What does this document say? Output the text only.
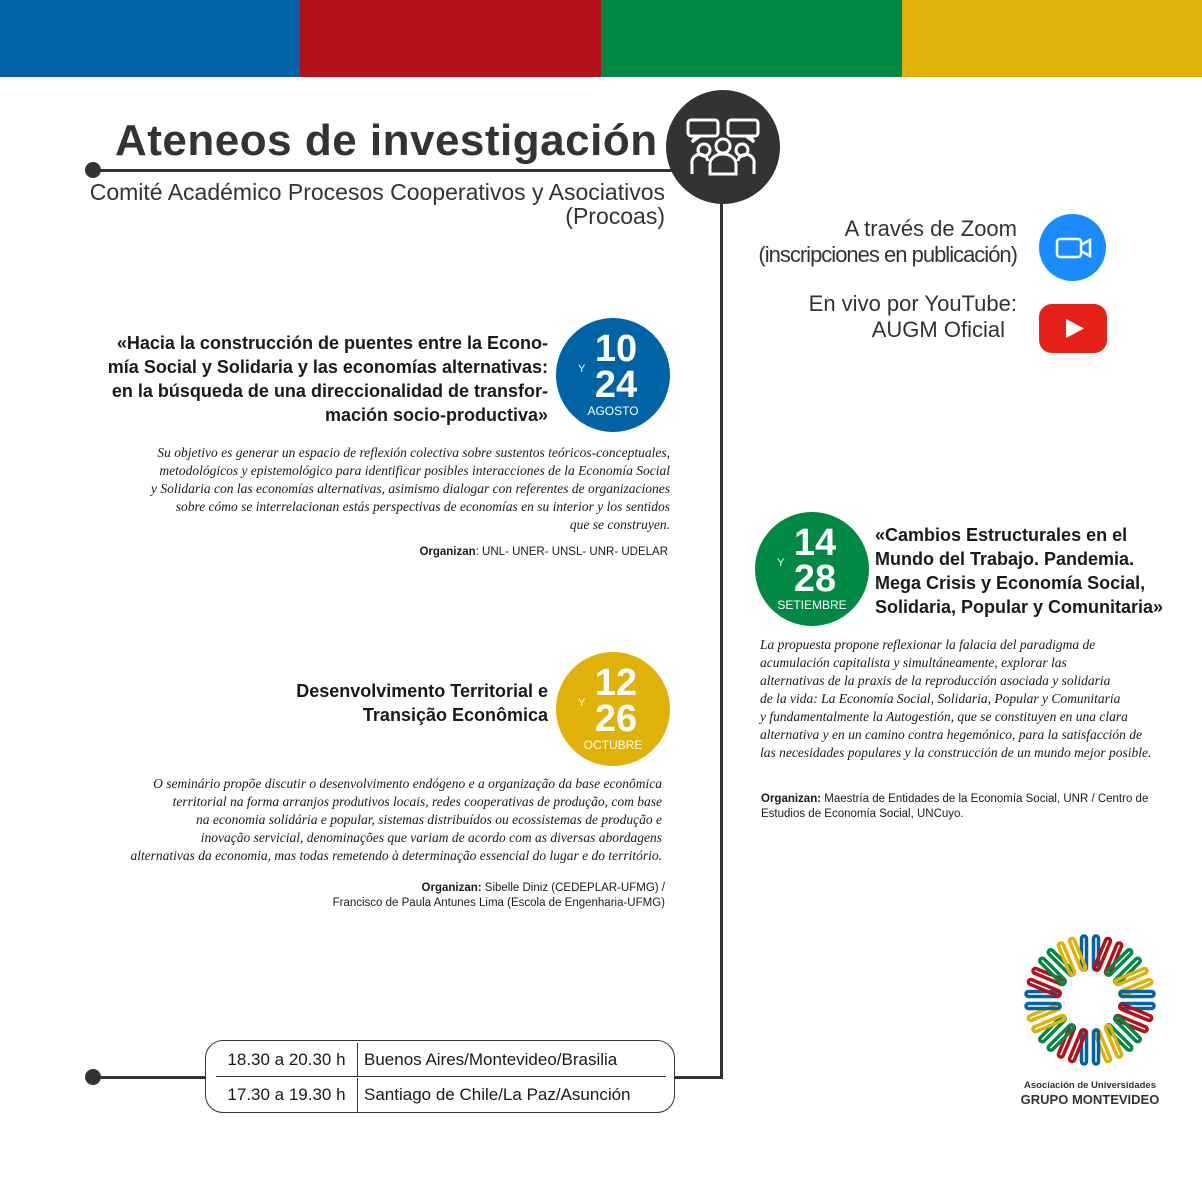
Ateneos de investigación
Comité Académico Procesos Cooperativos y Asociativos
(Procoas)	A través de Zoom
(inscripciones en publicación)
En vivo por YouTube:
AUGM Oficial
«Hacia la construcción de puentes entre la Econo-
mía Social y Solidaria y las economías alternativas:
en la búsqueda de una direccionalidad de transfor-
mación socio-productiva»
10
Y 24
AGOSTO
Su objetivo es generar un espacio de reflexión colectiva sobre sustentos teóricos-conceptuales,
metodológicos y epistemológico para identificar posibles interacciones de la Economía Social
y Solidaria con las economías alternativas, asimismo dialogar con referentes de organizaciones
sobre cómo se interrelacionan estás perspectivas de economías en su interior y los sentidos
que se construyen.
Organizan: UNL- UNER- UNSL- UNR- UDELAR	14
Y 28
SETIEMBRE
«Cambios Estructurales en el
Mundo del Trabajo. Pandemia.
Mega Crisis y Economía Social,
Solidaria, Popular y Comunitaria»
La propuesta propone reflexionar la falacia del paradigma de
acumulación capitalista y simultáneamente, explorar las
alternativas de la praxis de la reproducción asociada y solidaria
de la vida: La Economía Social, Solidaria, Popular y Comunitaria
y fundamentalmente la Autogestión, que se constituyen en una clara
alternativa y en un camino contra hegemónico, para la satisfacción de
las necesidades populares y la construcción de un mundo mejor posible.
Organizan: Maestría de Entidades de la Economía Social, UNR / Centro de Estudios de Economía Social, UNCuyo.
Desenvolvimento Territorial e
Transição Econômica
12
Y 26
OCTUBRE
O seminário propõe discutir o desenvolvimento endógeno e a organização da base econômica
territorial na forma arranjos produtivos locais, redes cooperativas de produção, com base
na economia solidária e popular, sistemas distribuídos ou ecossistemas de produção e
inovação servicial, denominações que variam de acordo com as diversas abordagens
alternativas da economia, mas todas remetendo à determinação essencial do lugar e do território.
Organizan: Sibelle Diniz (CEDEPLAR-UFMG) /
Francisco de Paula Antunes Lima (Escola de Engenharia-UFMG)
18.30 a 20.30 h	Buenos Aires/Montevideo/Brasilia
17.30 a 19.30 h	Santiago de Chile/La Paz/Asunción	Asociación de Universidades
GRUPO MONTEVIDEO
